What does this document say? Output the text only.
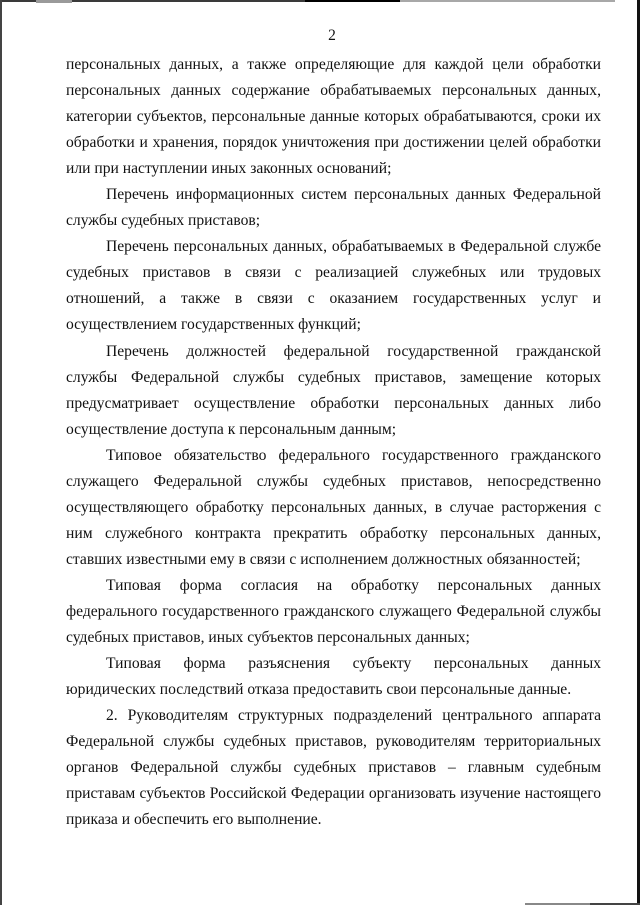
2

персональных данных, а также определяющие для каждой цели обработки персональных данных содержание обрабатываемых персональных данных, категории субъектов, персональные данные которых обрабатываются, сроки их обработки и хранения, порядок уничтожения при достижении целей обработки или при наступлении иных законных оснований;

Перечень информационных систем персональных данных Федеральной службы судебных приставов;

Перечень персональных данных, обрабатываемых в Федеральной службе судебных приставов в связи с реализацией служебных или трудовых отношений, а также в связи с оказанием государственных услуг и осуществлением государственных функций;

Перечень должностей федеральной государственной гражданской службы Федеральной службы судебных приставов, замещение которых предусматривает осуществление обработки персональных данных либо осуществление доступа к персональным данным;

Типовое обязательство федерального государственного гражданского служащего Федеральной службы судебных приставов, непосредственно осуществляющего обработку персональных данных, в случае расторжения с ним служебного контракта прекратить обработку персональных данных, ставших известными ему в связи с исполнением должностных обязанностей;

Типовая форма согласия на обработку персональных данных федерального государственного гражданского служащего Федеральной службы судебных приставов, иных субъектов персональных данных;

Типовая форма разъяснения субъекту персональных данных юридических последствий отказа предоставить свои персональные данные.

2. Руководителям структурных подразделений центрального аппарата Федеральной службы судебных приставов, руководителям территориальных органов Федеральной службы судебных приставов – главным судебным приставам субъектов Российской Федерации организовать изучение настоящего приказа и обеспечить его выполнение.
